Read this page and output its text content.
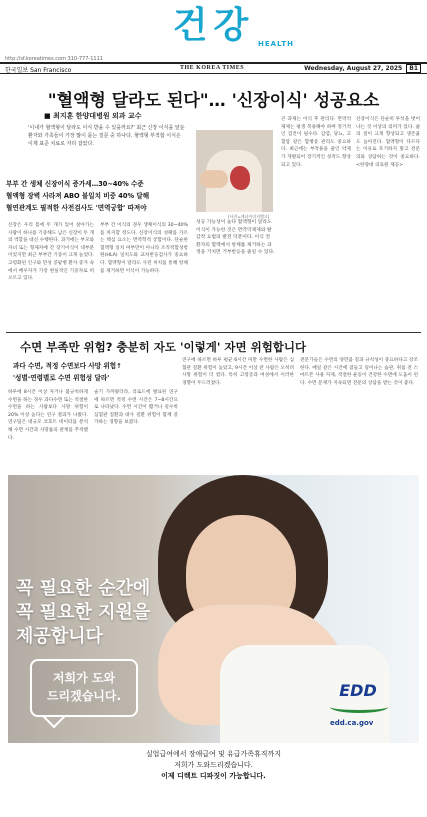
건강 HEALTH
http://sf.koreatimes.com 310-777-1111
한국일보 San Francisco	THE KOREA TIMES	Wednesday, August 27, 2025 B1
"혈액형 달라도 된다"… '신장이식' 성공요소
■ 최지훈 한양대병원 외과 교수
'이내가 혈액형이 달라도 이식 받을 수 있을까요?' 최근 신장 이식을 앞둔 환자와 가족들이 가장 많이 묻는 질문 중 하나다. 혈액형 부적합 이식은 이제 표준 치료로 자리 잡았다.
부부 간 생체 신장이식 증가세…30~40% 수준
혈액형 장벽 사라져 ABO 불일치 비중 40% 달해
혈연관계도 필적한 사전검사도 '면역궁합' 따져야
신장은 우리 몸에 두 개가 있어 살아가는 사람이 하나를 기증해도 남은 신장이 두 개의 역할을 대신 수행한다. 과거에는 부모와 자녀 또는 형제자매 간 장기이식이 대부분이었지만 최근 부부간 기증이 크게 늘었다. 고령화된 인구와 만성 콩팥병 환자 증가 속에서 배우자가 가장 현실적인 기증자로 떠오르고 있다.
부부 간 이식의 경우 생체이식의 30~40%를 차지할 정도다. 신장이식의 성패를 가르는 핵심 요소는 면역학적 궁합이다. 단순한 혈액형 일치 여부만이 아니라 조직적합성항원(HLA) 일치도와 교차반응검사가 중요하다. 혈액형이 달라도 사전 처치를 통해 항체를 제거하면 이식이 가능하다.
(사진=게티이미지뱅크)
성공 가능성이 높다 혈액형이 달라도 이식이 가능한 것은 면역억제제와 탈감작 요법의 발전 덕분이다. 이식 전 환자의 혈액에서 항체를 제거하는 과정을 거치면 거부반응을 줄일 수 있다.
큰 과제는 이식 후 관리다. 면역억제제는 평생 복용해야 하며 정기적인 검진이 필수다. 감염, 당뇨, 고혈압 같은 합병증 관리도 중요하다. 최근에는 부작용을 줄인 약제가 개발되어 장기적인 성적도 향상되고 있다.
신장이식은 단순히 투석을 벗어나는 것 이상의 의미가 있다. 삶의 질이 크게 향상되고 생존율도 높아진다. 혈액형이 다르다는 이유로 포기하지 말고 전문의와 상담하는 것이 중요하다. <한양대 의료원 제공>
수면 부족만 위험? 충분히 자도 '이렇게' 자면 위험합니다
과다 수면, 적정 수면보다 사망 위험↑
'성별·연령별로 수면 위험성 달라'
하루에 8시간 이상 자거나 불규칙하게 수면을 하는 경우 과다수면 또는 적절한 수면을 하는 사람보다 사망 위험이 20% 이상 높다는 연구 결과가 나왔다. 연구팀은 대규모 코호트 데이터를 분석해 수면 시간과 사망률의 관계를 추적했다.
술기 가까웠더라, 리로드에 발표된 연구에 따르면 적정 수면 시간은 7~8시간으로 나타났다. 수면 시간이 짧거나 길수록 심혈관 질환과 대사 질환 위험이 함께 증가하는 경향을 보였다.
연구에 따르면 하루 평균 6시간 미만 수면한 사람은 심혈관 질환 위험이 높았고, 9시간 이상 잔 사람은 오히려 사망 위험이 더 컸다. 특히 고령층과 여성에서 이러한 경향이 두드러졌다.
전문가들은 수면의 양만큼 질과 규칙성이 중요하다고 강조한다. 매일 같은 시간에 잠들고 일어나는 습관, 취침 전 스마트폰 사용 자제, 적절한 운동이 건강한 수면에 도움이 된다. 수면 문제가 지속되면 전문의 상담을 받는 것이 좋다.
꼭 필요한 순간에
꼭 필요한 지원을
제공합니다
저희가 도와
드리겠습니다.	EDD
edd.ca.gov
실업급여에서 장애급여 및 유급가족휴직까지
저희가 도와드리겠습니다.
이제 디렉트 디파짓이 가능합니다.
